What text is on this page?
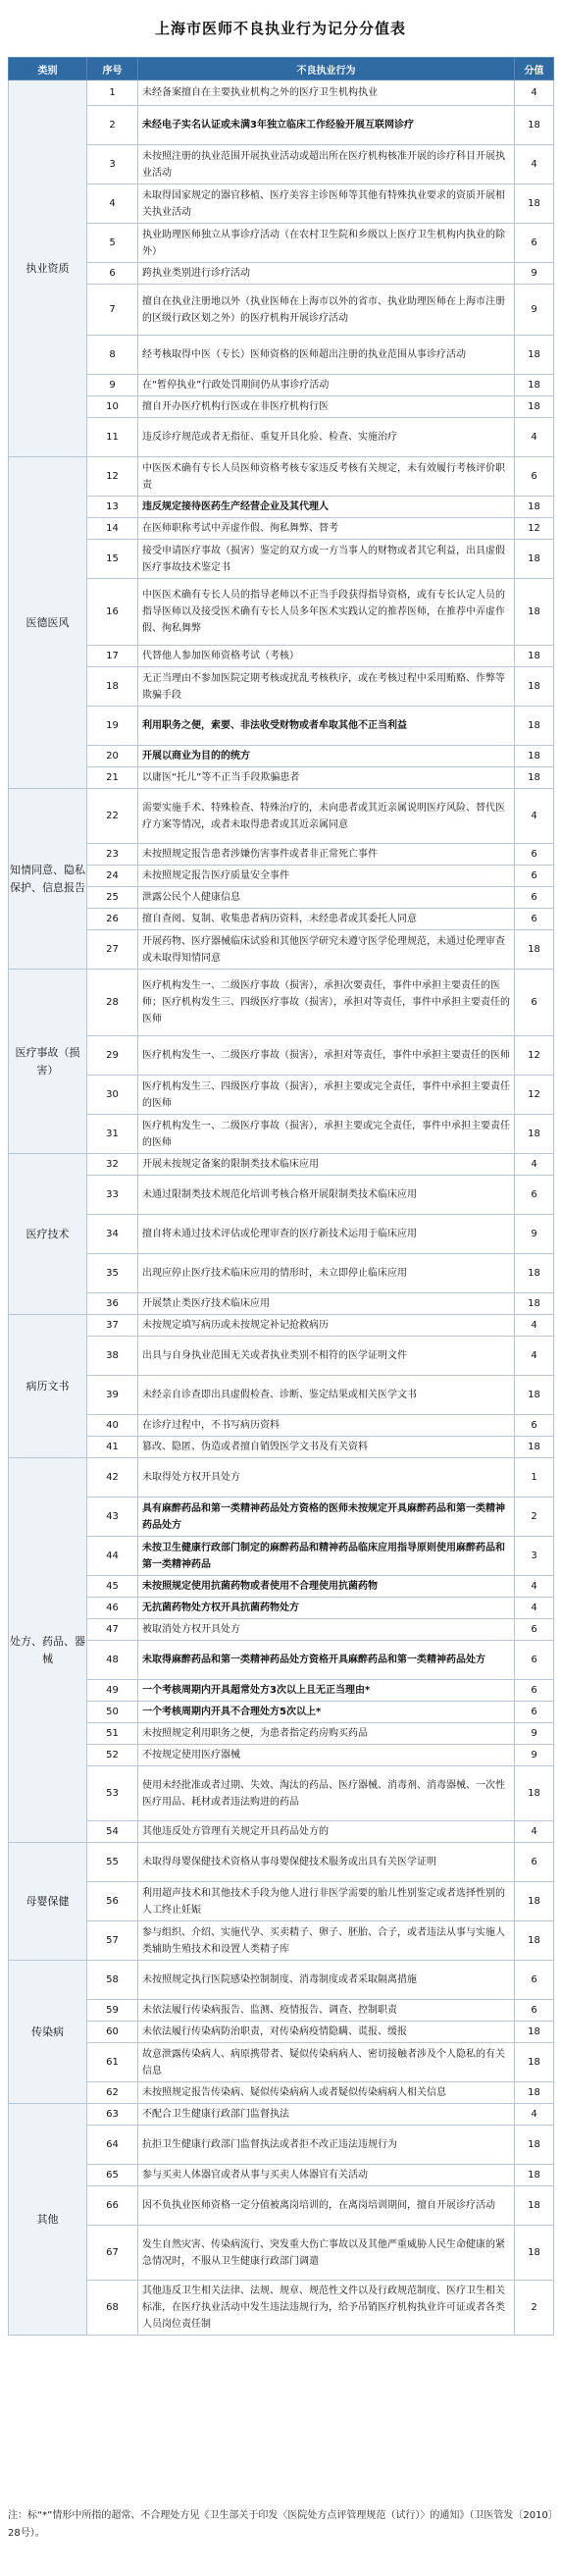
上海市医师不良执业行为记分分值表
类别	序号	不良执业行为	分值
执业资质	1	未经备案擅自在主要执业机构之外的医疗卫生机构执业	4
	2	未经电子实名认证或未满3年独立临床工作经验开展互联网诊疗	18
	3	未按照注册的执业范围开展执业活动或超出所在医疗机构核准开展的诊疗科目开展执业活动	4
	4	未取得国家规定的器官移植、医疗美容主诊医师等其他有特殊执业要求的资质开展相关执业活动	18
	5	执业助理医师独立从事诊疗活动（在农村卫生院和乡级以上医疗卫生机构内执业的除外）	6
	6	跨执业类别进行诊疗活动	9
	7	擅自在执业注册地以外（执业医师在上海市以外的省市、执业助理医师在上海市注册的区级行政区划之外）的医疗机构开展诊疗活动	9
	8	经考核取得中医（专长）医师资格的医师超出注册的执业范围从事诊疗活动	18
	9	在“暂停执业”行政处罚期间仍从事诊疗活动	18
	10	擅自开办医疗机构行医或在非医疗机构行医	18
	11	违反诊疗规范或者无指征、重复开具化验、检查、实施治疗	4
医德医风	12	中医医术确有专长人员医师资格考核专家违反考核有关规定，未有效履行考核评价职责	6
	13	违反规定接待医药生产经营企业及其代理人	18
	14	在医师职称考试中弄虚作假、徇私舞弊、替考	12
	15	接受申请医疗事故（损害）鉴定的双方或一方当事人的财物或者其它利益，出具虚假医疗事故技术鉴定书	18
	16	中医医术确有专长人员的指导老师以不正当手段获得指导资格，或有专长认定人员的指导医师以及接受医术确有专长人员多年医术实践认定的推荐医师，在推荐中弄虚作假、徇私舞弊	18
	17	代替他人参加医师资格考试（考核）	18
	18	无正当理由不参加医院定期考核或扰乱考核秩序，或在考核过程中采用贿赂、作弊等欺骗手段	18
	19	利用职务之便，索要、非法收受财物或者牟取其他不正当利益	18
	20	开展以商业为目的的统方	18
	21	以庸医“托儿”等不正当手段欺骗患者	18
知情同意、隐私保护、信息报告	22	需要实施手术、特殊检查、特殊治疗的，未向患者或其近亲属说明医疗风险、替代医疗方案等情况，或者未取得患者或其近亲属同意	4
	23	未按照规定报告患者涉嫌伤害事件或者非正常死亡事件	6
	24	未按照规定报告医疗质量安全事件	6
	25	泄露公民个人健康信息	6
	26	擅自查阅、复制、收集患者病历资料，未经患者或其委托人同意	6
	27	开展药物、医疗器械临床试验和其他医学研究未遵守医学伦理规范，未通过伦理审查或未取得知情同意	18
医疗事故（损害）	28	医疗机构发生一、二级医疗事故（损害），承担次要责任，事件中承担主要责任的医师；医疗机构发生三、四级医疗事故（损害），承担对等责任，事件中承担主要责任的医师	6
	29	医疗机构发生一、二级医疗事故（损害），承担对等责任，事件中承担主要责任的医师	12
	30	医疗机构发生三、四级医疗事故（损害），承担主要或完全责任，事件中承担主要责任的医师	12
	31	医疗机构发生一、二级医疗事故（损害），承担主要或完全责任，事件中承担主要责任的医师	18
医疗技术	32	开展未按规定备案的限制类技术临床应用	4
	33	未通过限制类技术规范化培训考核合格开展限制类技术临床应用	6
	34	擅自将未通过技术评估或伦理审查的医疗新技术运用于临床应用	9
	35	出现应停止医疗技术临床应用的情形时，未立即停止临床应用	18
	36	开展禁止类医疗技术临床应用	18
病历文书	37	未按规定填写病历或未按规定补记抢救病历	4
	38	出具与自身执业范围无关或者执业类别不相符的医学证明文件	4
	39	未经亲自诊查即出具虚假检查、诊断、鉴定结果或相关医学文书	18
	40	在诊疗过程中，不书写病历资料	6
	41	篡改、隐匿、伪造或者擅自销毁医学文书及有关资料	18
处方、药品、器械	42	未取得处方权开具处方	1
	43	具有麻醉药品和第一类精神药品处方资格的医师未按规定开具麻醉药品和第一类精神药品处方	2
	44	未按卫生健康行政部门制定的麻醉药品和精神药品临床应用指导原则使用麻醉药品和第一类精神药品	3
	45	未按照规定使用抗菌药物或者使用不合理使用抗菌药物	4
	46	无抗菌药物处方权开具抗菌药物处方	4
	47	被取消处方权开具处方	6
	48	未取得麻醉药品和第一类精神药品处方资格开具麻醉药品和第一类精神药品处方	6
	49	一个考核周期内开具超常处方3次以上且无正当理由*	6
	50	一个考核周期内开具不合理处方5次以上*	6
	51	未按照规定利用职务之便，为患者指定药房购买药品	9
	52	不按规定使用医疗器械	9
	53	使用未经批准或者过期、失效、淘汰的药品、医疗器械、消毒剂、消毒器械、一次性医疗用品、耗材或者违法购进的药品	18
	54	其他违反处方管理有关规定开具药品处方的	4
母婴保健	55	未取得母婴保健技术资格从事母婴保健技术服务或出具有关医学证明	6
	56	利用超声技术和其他技术手段为他人进行非医学需要的胎儿性别鉴定或者选择性别的人工终止妊娠	18
	57	参与组织、介绍、实施代孕、买卖精子、卵子、胚胎、合子，或者违法从事与实施人类辅助生殖技术和设置人类精子库	18
传染病	58	未按照规定执行医院感染控制制度、消毒制度或者采取隔离措施	6
	59	未依法履行传染病报告、监测、疫情报告、调查、控制职责	6
	60	未依法履行传染病防治职责，对传染病疫情隐瞒、谎报、缓报	18
	61	故意泄露传染病人、病原携带者、疑似传染病病人、密切接触者涉及个人隐私的有关信息	18
	62	未按照规定报告传染病、疑似传染病病人或者疑似传染病病人相关信息	18
其他	63	不配合卫生健康行政部门监督执法	4
	64	抗拒卫生健康行政部门监督执法或者拒不改正违法违规行为	18
	65	参与买卖人体器官或者从事与买卖人体器官有关活动	18
	66	因不负执业医师资格一定分值被离岗培训的，在离岗培训期间，擅自开展诊疗活动	18
	67	发生自然灾害、传染病流行、突发重大伤亡事故以及其他严重威胁人民生命健康的紧急情况时，不服从卫生健康行政部门调遣	18
	68	其他违反卫生相关法律、法规、规章、规范性文件以及行政规范制度、医疗卫生相关标准，在医疗执业活动中发生违法违规行为，给予吊销医疗机构执业许可证或者各类人员岗位责任制	2
注：标“*”情形中所指的超常、不合理处方见《卫生部关于印发〈医院处方点评管理规范（试行）〉的通知》（卫医管发〔2010〕28号）。
